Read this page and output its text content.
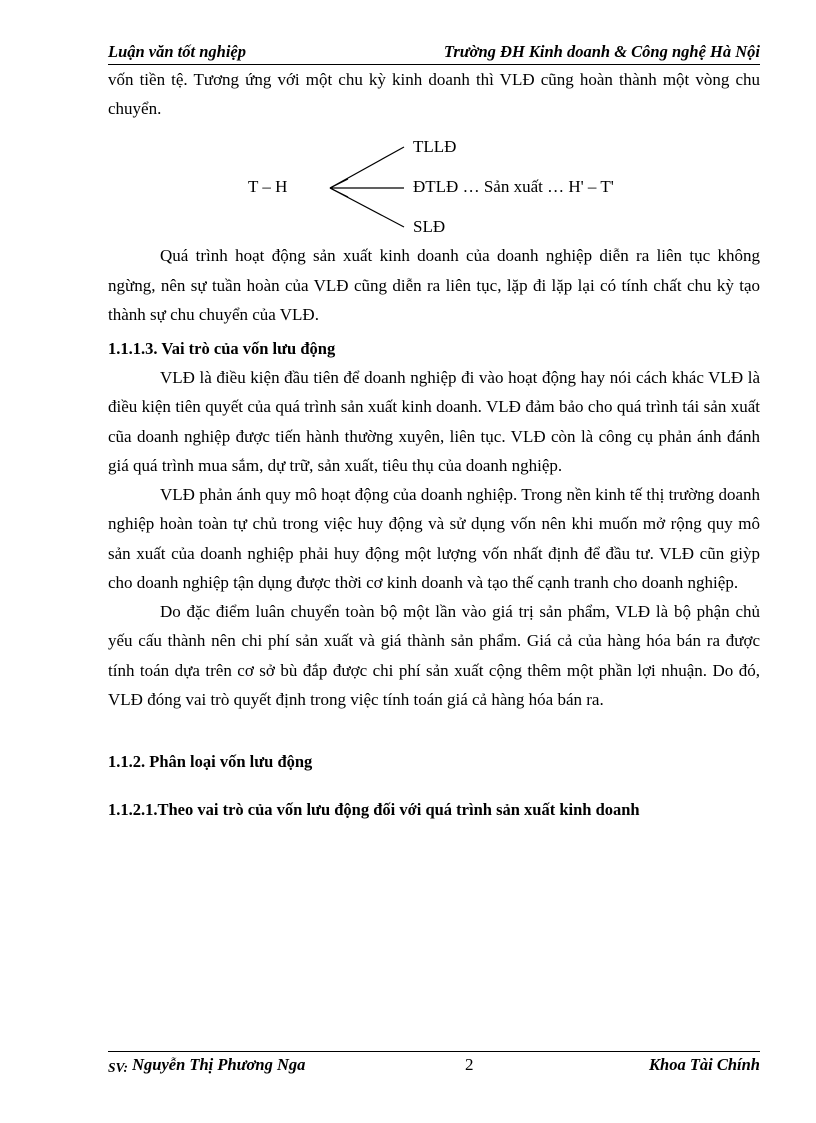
Luận văn tốt nghiệp	Trường ĐH Kinh doanh & Công nghệ Hà Nội

vốn tiền tệ. Tương ứng với một chu kỳ kinh doanh thì VLĐ cũng hoàn thành một vòng chu chuyển.

T – H
TLLĐ
ĐTLĐ … Sản xuất … H' – T'
SLĐ

Quá trình hoạt động sản xuất kinh doanh của doanh nghiệp diễn ra liên tục không ngừng, nên sự tuần hoàn của VLĐ cũng diễn ra liên tục, lặp đi lặp lại có tính chất chu kỳ tạo thành sự chu chuyển của VLĐ.

1.1.1.3. Vai trò của vốn lưu động

VLĐ là điều kiện đầu tiên để doanh nghiệp đi vào hoạt động hay nói cách khác VLĐ là điều kiện tiên quyết của quá trình sản xuất kinh doanh. VLĐ đảm bảo cho quá trình tái sản xuất cũa doanh nghiệp được tiến hành thường xuyên, liên tục. VLĐ còn là công cụ phản ánh đánh giá quá trình mua sắm, dự trữ, sản xuất, tiêu thụ của doanh nghiệp.

VLĐ phản ánh quy mô hoạt động của doanh nghiệp. Trong nền kinh tế thị trường doanh nghiệp hoàn toàn tự chủ trong việc huy động và sử dụng vốn nên khi muốn mở rộng quy mô sản xuất của doanh nghiệp phải huy động một lượng vốn nhất định để đầu tư. VLĐ cũn giỳp cho doanh nghiệp tận dụng được thời cơ kinh doanh và tạo thế cạnh tranh cho doanh nghiệp.

Do đặc điểm luân chuyển toàn bộ một lần vào giá trị sản phẩm, VLĐ là bộ phận chủ yếu cấu thành nên chi phí sản xuất và giá thành sản phẩm. Giá cả của hàng hóa bán ra được tính toán dựa trên cơ sở bù đắp được chi phí sản xuất cộng thêm một phần lợi nhuận. Do đó, VLĐ đóng vai trò quyết định trong việc tính toán giá cả hàng hóa bán ra.

1.1.2. Phân loại vốn lưu động

1.1.2.1.Theo vai trò của vốn lưu động đối với quá trình sản xuất kinh doanh

SV: Nguyễn Thị Phương Nga	2	Khoa Tài Chính
